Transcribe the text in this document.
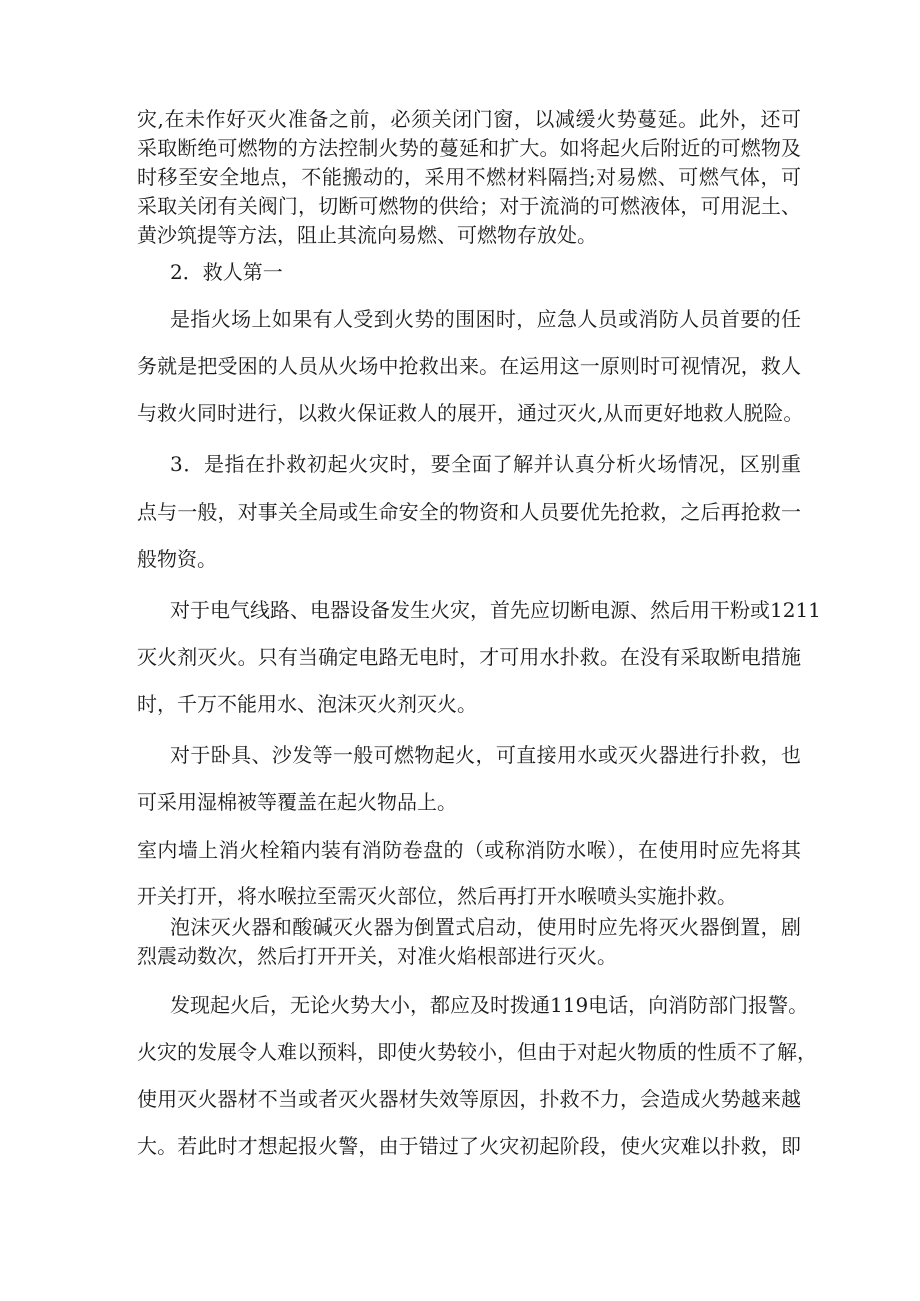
灾,在未作好灭火准备之前，必须关闭门窗，以减缓火势蔓延。此外，还可
采取断绝可燃物的方法控制火势的蔓延和扩大。如将起火后附近的可燃物及
时移至安全地点，不能搬动的，采用不燃材料隔挡;对易燃、可燃气体，可
采取关闭有关阀门，切断可燃物的供给；对于流淌的可燃液体，可用泥土、
黄沙筑提等方法，阻止其流向易燃、可燃物存放处。
2．救人第一
是指火场上如果有人受到火势的围困时，应急人员或消防人员首要的任
务就是把受困的人员从火场中抢救出来。在运用这一原则时可视情况，救人
与救火同时进行，以救火保证救人的展开，通过灭火,从而更好地救人脱险。
3．是指在扑救初起火灾时，要全面了解并认真分析火场情况，区别重
点与一般，对事关全局或生命安全的物资和人员要优先抢救，之后再抢救一
般物资。
对于电气线路、电器设备发生火灾，首先应切断电源、然后用干粉或1211
灭火剂灭火。只有当确定电路无电时，才可用水扑救。在没有采取断电措施
时，千万不能用水、泡沫灭火剂灭火。
对于卧具、沙发等一般可燃物起火，可直接用水或灭火器进行扑救，也
可采用湿棉被等覆盖在起火物品上。
室内墙上消火栓箱内装有消防卷盘的（或称消防水喉），在使用时应先将其
开关打开，将水喉拉至需灭火部位，然后再打开水喉喷头实施扑救。
泡沫灭火器和酸碱灭火器为倒置式启动，使用时应先将灭火器倒置，剧
烈震动数次，然后打开开关，对准火焰根部进行灭火。
发现起火后，无论火势大小，都应及时拨通119电话，向消防部门报警。
火灾的发展令人难以预料，即使火势较小，但由于对起火物质的性质不了解，
使用灭火器材不当或者灭火器材失效等原因，扑救不力，会造成火势越来越
大。若此时才想起报火警，由于错过了火灾初起阶段，使火灾难以扑救，即
